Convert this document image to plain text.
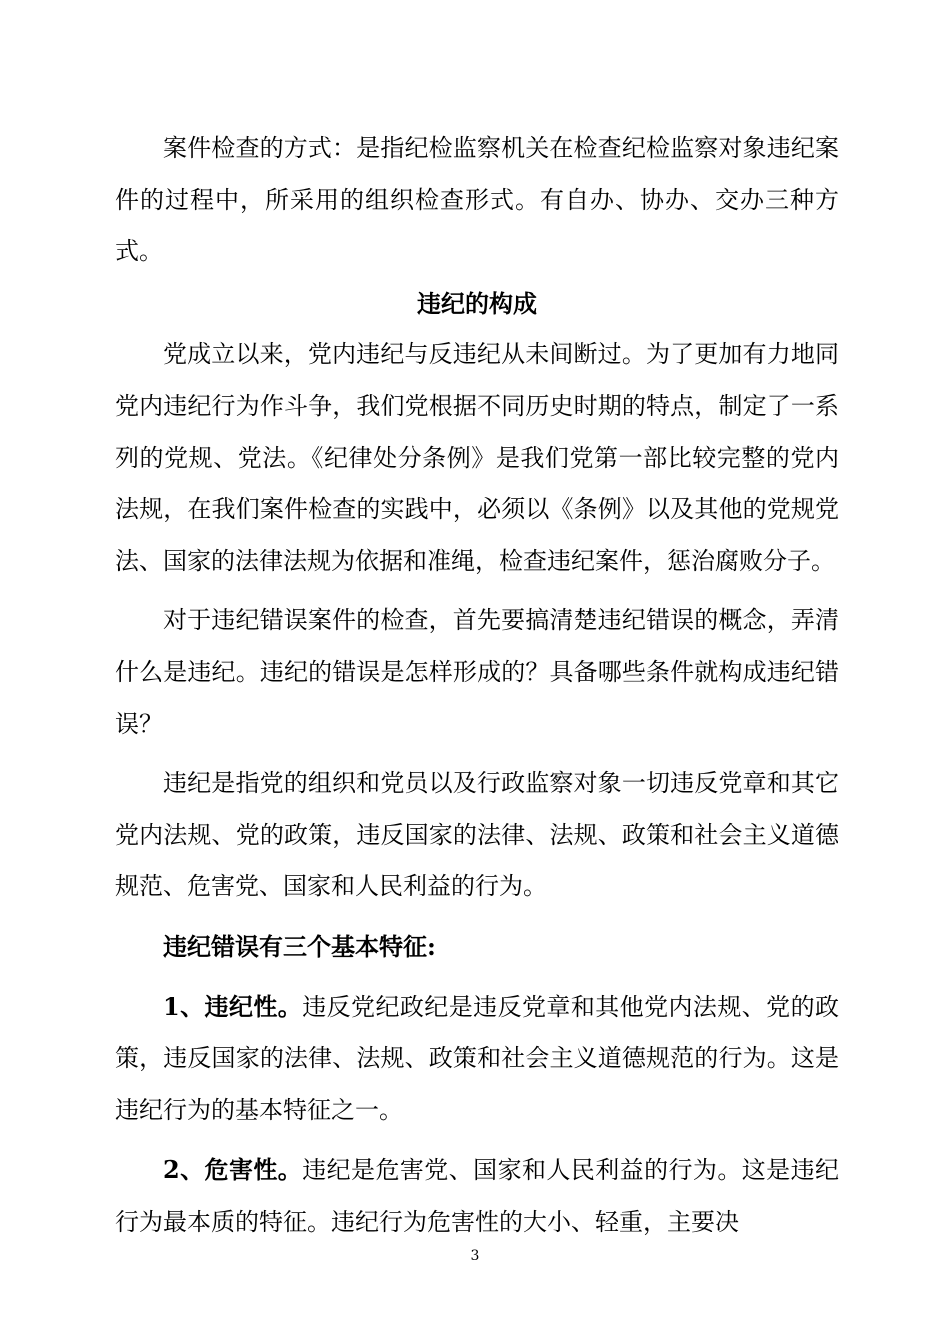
案件检查的方式：是指纪检监察机关在检查纪检监察对象违纪案件的过程中，所采用的组织检查形式。有自办、协办、交办三种方式。

违纪的构成

党成立以来，党内违纪与反违纪从未间断过。为了更加有力地同党内违纪行为作斗争，我们党根据不同历史时期的特点，制定了一系列的党规、党法。《纪律处分条例》是我们党第一部比较完整的党内法规，在我们案件检查的实践中，必须以《条例》以及其他的党规党法、国家的法律法规为依据和准绳，检查违纪案件，惩治腐败分子。

对于违纪错误案件的检查，首先要搞清楚违纪错误的概念，弄清什么是违纪。违纪的错误是怎样形成的？具备哪些条件就构成违纪错误？

违纪是指党的组织和党员以及行政监察对象一切违反党章和其它党内法规、党的政策，违反国家的法律、法规、政策和社会主义道德规范、危害党、国家和人民利益的行为。

违纪错误有三个基本特征:

1、违纪性。违反党纪政纪是违反党章和其他党内法规、党的政策，违反国家的法律、法规、政策和社会主义道德规范的行为。这是违纪行为的基本特征之一。

2、危害性。违纪是危害党、国家和人民利益的行为。这是违纪行为最本质的特征。违纪行为危害性的大小、轻重，主要决

3
